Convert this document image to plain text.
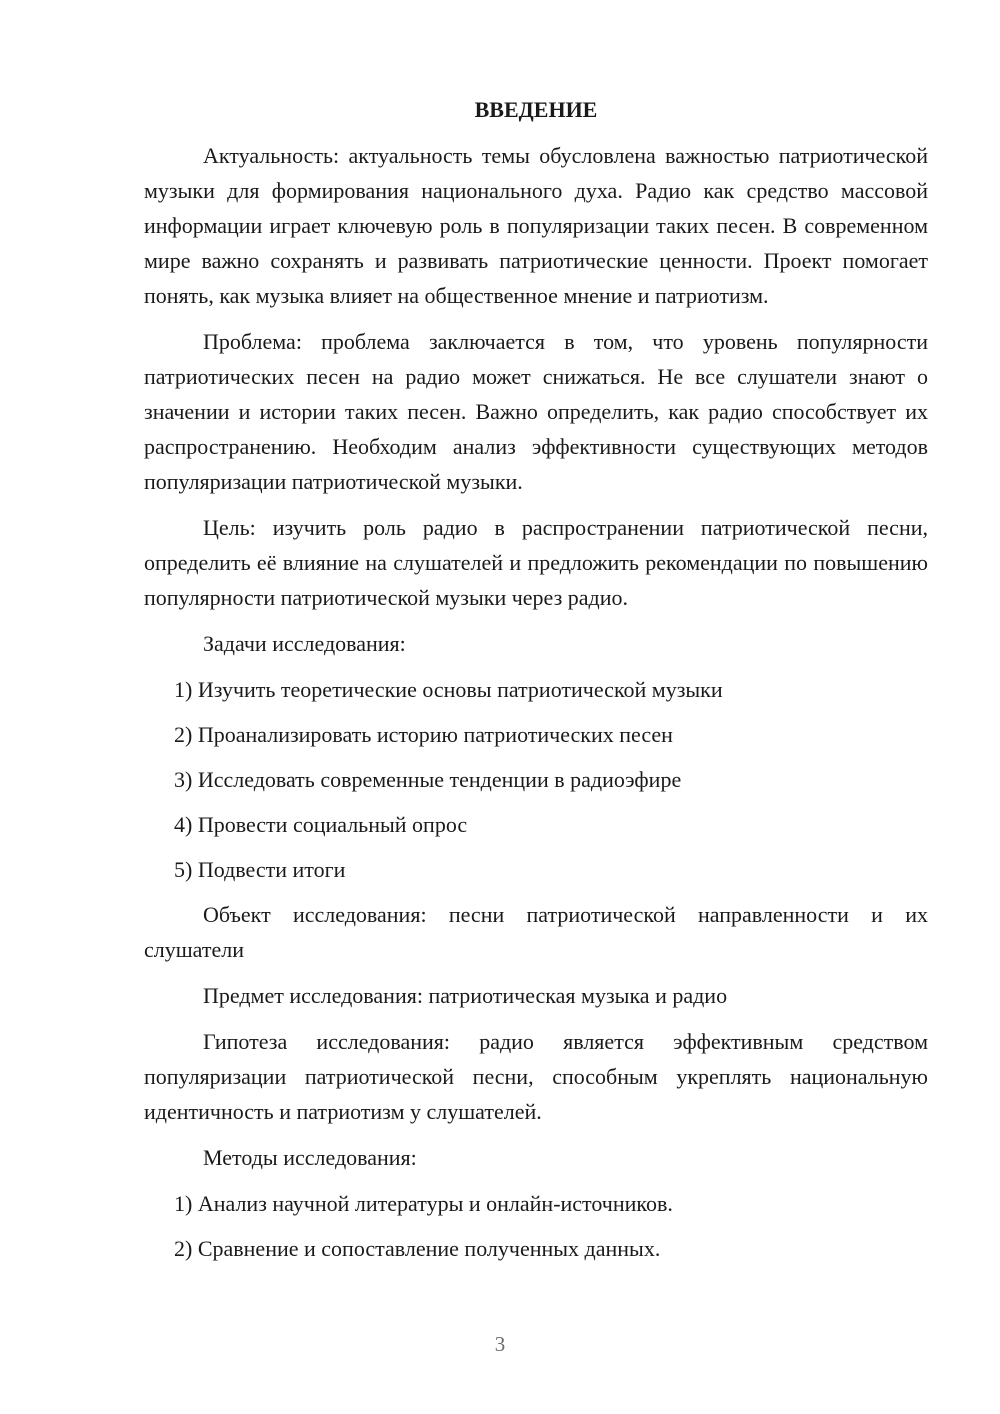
ВВЕДЕНИЕ

Актуальность: актуальность темы обусловлена важностью патриотической музыки для формирования национального духа. Радио как средство массовой информации играет ключевую роль в популяризации таких песен. В современном мире важно сохранять и развивать патриотические ценности. Проект помогает понять, как музыка влияет на общественное мнение и патриотизм.

Проблема: проблема заключается в том, что уровень популярности патриотических песен на радио может снижаться. Не все слушатели знают о значении и истории таких песен. Важно определить, как радио способствует их распространению. Необходим анализ эффективности существующих методов популяризации патриотической музыки.

Цель: изучить роль радио в распространении патриотической песни, определить её влияние на слушателей и предложить рекомендации по повышению популярности патриотической музыки через радио.

Задачи исследования:

1) Изучить теоретические основы патриотической музыки

2) Проанализировать историю патриотических песен

3) Исследовать современные тенденции в радиоэфире

4) Провести социальный опрос

5) Подвести итоги

Объект исследования: песни патриотической направленности и их слушатели

Предмет исследования: патриотическая музыка и радио

Гипотеза исследования: радио является эффективным средством популяризации патриотической песни, способным укреплять национальную идентичность и патриотизм у слушателей.

Методы исследования:

1) Анализ научной литературы и онлайн-источников.

2) Сравнение и сопоставление полученных данных.

3
